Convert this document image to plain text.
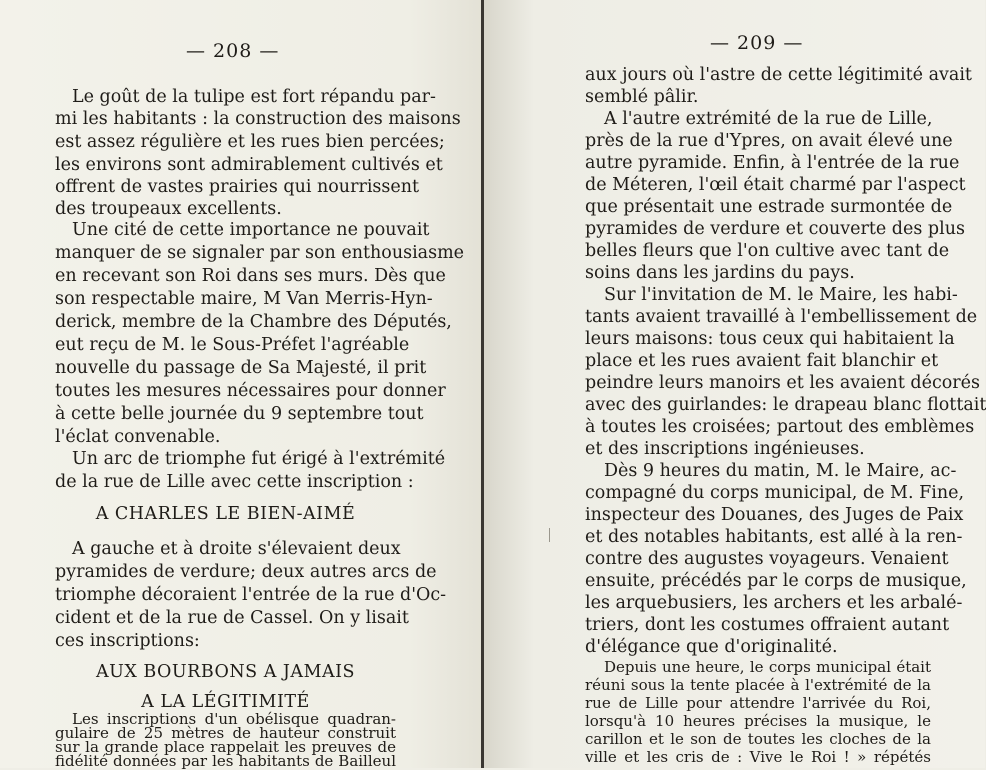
— 208 —
Le goût de la tulipe est fort répandu par-
mi les habitants : la construction des maisons
est assez régulière et les rues bien percées;
les environs sont admirablement cultivés et
offrent de vastes prairies qui nourrissent
des troupeaux excellents.
Une cité de cette importance ne pouvait
manquer de se signaler par son enthousiasme
en recevant son Roi dans ses murs. Dès que
son respectable maire, M Van Merris-Hyn-
derick, membre de la Chambre des Députés,
eut reçu de M. le Sous-Préfet l'agréable
nouvelle du passage de Sa Majesté, il prit
toutes les mesures nécessaires pour donner
à cette belle journée du 9 septembre tout
l'éclat convenable.
Un arc de triomphe fut érigé à l'extrémité
de la rue de Lille avec cette inscription :
A CHARLES LE BIEN-AIMÉ
A gauche et à droite s'élevaient deux
pyramides de verdure; deux autres arcs de
triomphe décoraient l'entrée de la rue d'Oc-
cident et de la rue de Cassel. On y lisait
ces inscriptions:
AUX BOURBONS A JAMAIS
A LA LÉGITIMITÉ
Les inscriptions d'un obélisque quadran-
gulaire de 25 mètres de hauteur construit
sur la grande place rappelait les preuves de
fidélité données par les habitants de Bailleul
— 209 —
aux jours où l'astre de cette légitimité avait
semblé pâlir.
A l'autre extrémité de la rue de Lille,
près de la rue d'Ypres, on avait élevé une
autre pyramide. Enfin, à l'entrée de la rue
de Méteren, l'œil était charmé par l'aspect
que présentait une estrade surmontée de
pyramides de verdure et couverte des plus
belles fleurs que l'on cultive avec tant de
soins dans les jardins du pays.
Sur l'invitation de M. le Maire, les habi-
tants avaient travaillé à l'embellissement de
leurs maisons: tous ceux qui habitaient la
place et les rues avaient fait blanchir et
peindre leurs manoirs et les avaient décorés
avec des guirlandes: le drapeau blanc flottait
à toutes les croisées; partout des emblèmes
et des inscriptions ingénieuses.
Dès 9 heures du matin, M. le Maire, ac-
compagné du corps municipal, de M. Fine,
inspecteur des Douanes, des Juges de Paix
et des notables habitants, est allé à la ren-
contre des augustes voyageurs. Venaient
ensuite, précédés par le corps de musique,
les arquebusiers, les archers et les arbalé-
triers, dont les costumes offraient autant
d'élégance que d'originalité.
Depuis une heure, le corps municipal était
réuni sous la tente placée à l'extrémité de la
rue de Lille pour attendre l'arrivée du Roi,
lorsqu'à 10 heures précises la musique, le
carillon et le son de toutes les cloches de la
ville et les cris de : Vive le Roi ! » répétés
